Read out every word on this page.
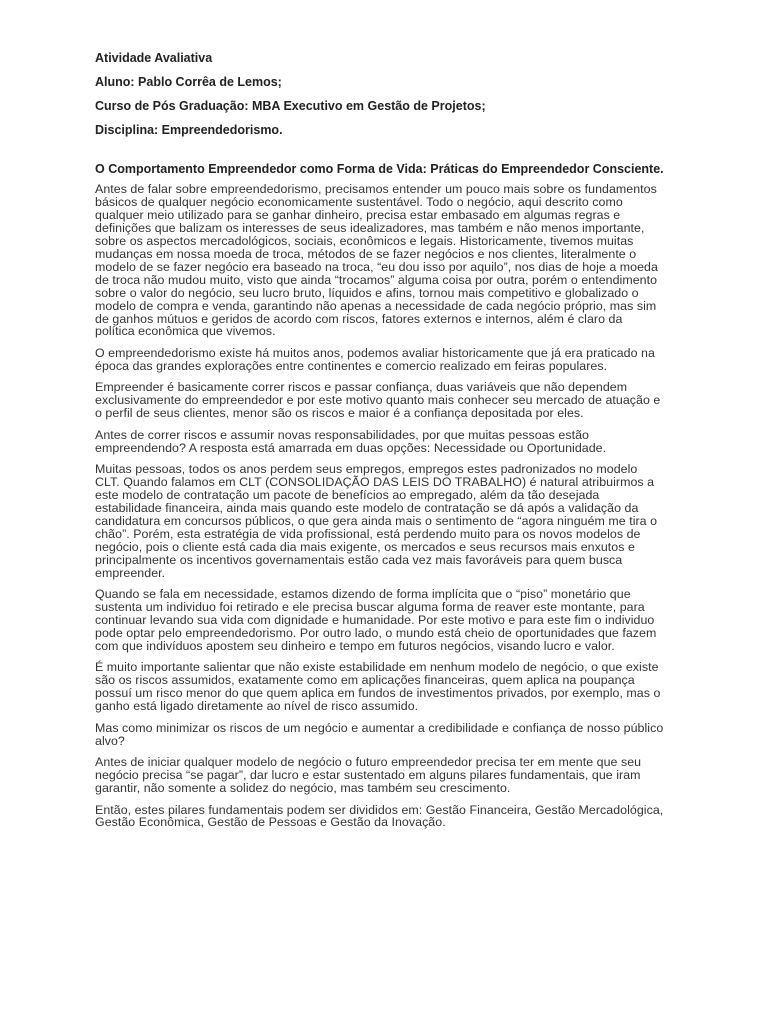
Atividade Avaliativa
Aluno: Pablo Corrêa de Lemos;
Curso de Pós Graduação: MBA Executivo em Gestão de Projetos;
Disciplina: Empreendedorismo.
O Comportamento Empreendedor como Forma de Vida: Práticas do Empreendedor Consciente.

Antes de falar sobre empreendedorismo, precisamos entender um pouco mais sobre os fundamentos básicos de qualquer negócio economicamente sustentável. Todo o negócio, aqui descrito como qualquer meio utilizado para se ganhar dinheiro, precisa estar embasado em algumas regras e definições que balizam os interesses de seus idealizadores, mas também e não menos importante, sobre os aspectos mercadológicos, sociais, econômicos e legais. Historicamente, tivemos muitas mudanças em nossa moeda de troca, métodos de se fazer negócios e nos clientes, literalmente o modelo de se fazer negócio era baseado na troca, “eu dou isso por aquilo”, nos dias de hoje a moeda de troca não mudou muito, visto que ainda “trocamos” alguma coisa por outra, porém o entendimento sobre o valor do negócio, seu lucro bruto, líquidos e afins, tornou mais competitivo e globalizado o modelo de compra e venda, garantindo não apenas a necessidade de cada negócio próprio, mas sim de ganhos mútuos e geridos de acordo com riscos, fatores externos e internos, além é claro da política econômica que vivemos.

O empreendedorismo existe há muitos anos, podemos avaliar historicamente que já era praticado na época das grandes explorações entre continentes e comercio realizado em feiras populares.

Empreender é basicamente correr riscos e passar confiança, duas variáveis que não dependem exclusivamente do empreendedor e por este motivo quanto mais conhecer seu mercado de atuação e o perfil de seus clientes, menor são os riscos e maior é a confiança depositada por eles.

Antes de correr riscos e assumir novas responsabilidades, por que muitas pessoas estão empreendendo? A resposta está amarrada em duas opções: Necessidade ou Oportunidade.

Muitas pessoas, todos os anos perdem seus empregos, empregos estes padronizados no modelo CLT. Quando falamos em CLT (CONSOLIDAÇÃO DAS LEIS DO TRABALHO) é natural atribuirmos a este modelo de contratação um pacote de benefícios ao empregado, além da tão desejada estabilidade financeira, ainda mais quando este modelo de contratação se dá após a validação da candidatura em concursos públicos, o que gera ainda mais o sentimento de “agora ninguém me tira o chão”. Porém, esta estratégia de vida profissional, está perdendo muito para os novos modelos de negócio, pois o cliente está cada dia mais exigente, os mercados e seus recursos mais enxutos e principalmente os incentivos governamentais estão cada vez mais favoráveis para quem busca empreender.

Quando se fala em necessidade, estamos dizendo de forma implícita que o “piso” monetário que sustenta um individuo foi retirado e ele precisa buscar alguma forma de reaver este montante, para continuar levando sua vida com dignidade e humanidade. Por este motivo e para este fim o individuo pode optar pelo empreendedorismo. Por outro lado, o mundo está cheio de oportunidades que fazem com que indivíduos apostem seu dinheiro e tempo em futuros negócios, visando lucro e valor.

É muito importante salientar que não existe estabilidade em nenhum modelo de negócio, o que existe são os riscos assumidos, exatamente como em aplicações financeiras, quem aplica na poupança possuí um risco menor do que quem aplica em fundos de investimentos privados, por exemplo, mas o ganho está ligado diretamente ao nível de risco assumido.

Mas como minimizar os riscos de um negócio e aumentar a credibilidade e confiança de nosso público alvo?

Antes de iniciar qualquer modelo de negócio o futuro empreendedor precisa ter em mente que seu negócio precisa “se pagar”, dar lucro e estar sustentado em alguns pilares fundamentais, que iram garantir, não somente a solidez do negócio, mas também seu crescimento.

Então, estes pilares fundamentais podem ser divididos em: Gestão Financeira, Gestão Mercadológica, Gestão Econômica, Gestão de Pessoas e Gestão da Inovação.
